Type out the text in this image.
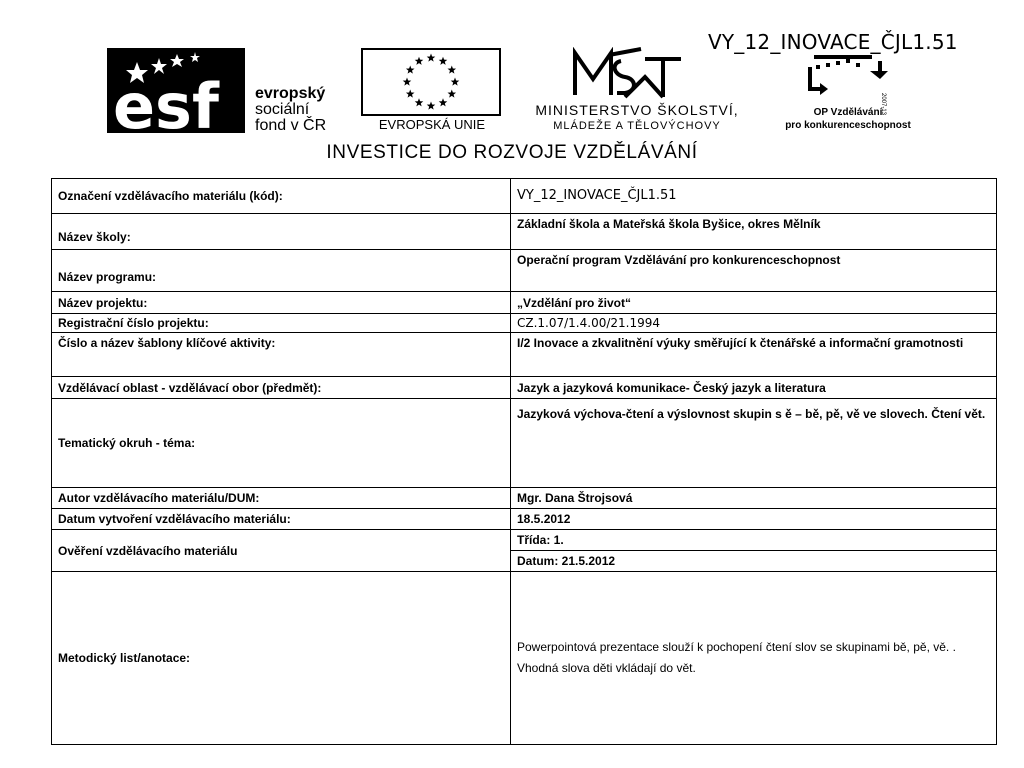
VY_12_INOVACE_ČJL1.51
esf evropský
sociální
fond v ČR	EVROPSKÁ UNIE
MINISTERSTVO ŠKOLSTVÍ,
MLÁDEŽE A TĚLOVÝCHOVY
2007-13
OP Vzdělávání
pro konkurenceschopnost
INVESTICE DO ROZVOJE VZDĚLÁVÁNÍ
Označení vzdělávacího materiálu (kód):	VY_12_INOVACE_ČJL1.51
Název školy:	Základní škola a Mateřská škola Byšice, okres Mělník
Název programu:	Operační program Vzdělávání pro konkurenceschopnost
Název projektu:	„Vzdělání pro život“
Registrační číslo projektu:	CZ.1.07/1.4.00/21.1994
Číslo a název šablony klíčové aktivity:	I/2 Inovace a zkvalitnění výuky směřující k čtenářské a informační gramotnosti
Vzdělávací oblast - vzdělávací obor (předmět):	Jazyk a jazyková komunikace- Český jazyk a literatura
Tematický okruh - téma:	Jazyková výchova-čtení a výslovnost skupin s ě – bě, pě, vě ve slovech. Čtení vět.
Autor vzdělávacího materiálu/DUM:	Mgr. Dana Štrojsová
Datum vytvoření vzdělávacího materiálu:	18.5.2012
Ověření vzdělávacího materiálu	Třída: 1.
	Datum: 21.5.2012
Metodický list/anotace:	Powerpointová prezentace slouží k pochopení čtení slov se skupinami bě, pě, vě. . Vhodná slova děti vkládají do vět.
